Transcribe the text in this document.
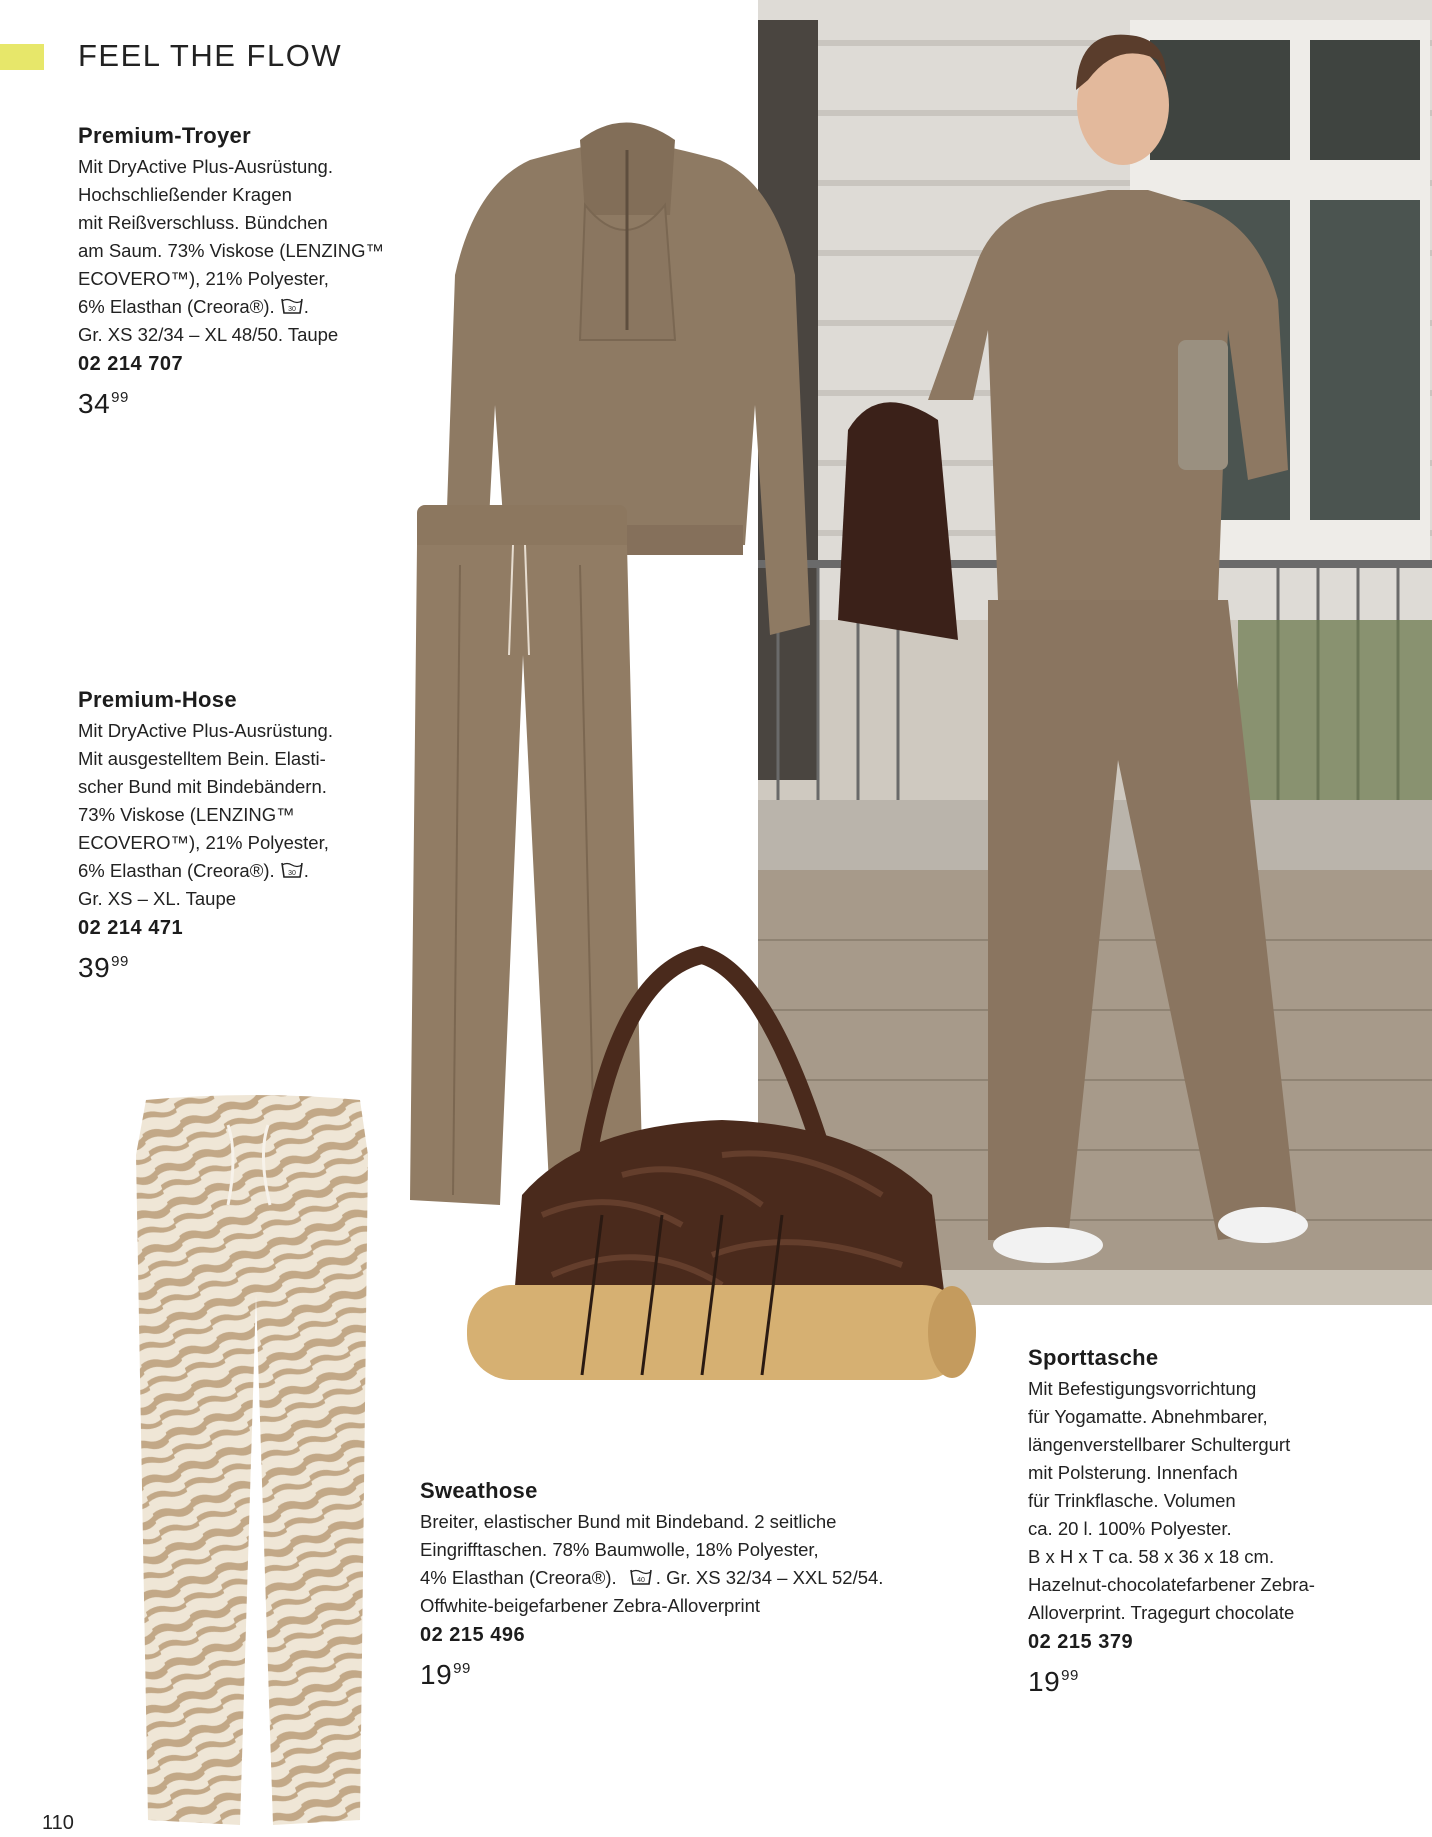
FEEL THE FLOW
Premium-Troyer

Mit DryActive Plus-Ausrüstung.
Hochschließender Kragen
mit Reißverschluss. Bündchen
am Saum. 73% Viskose (LENZING™
ECOVERO™), 21% Polyester,
6% Elasthan (Creora®). 30 .
Gr. XS 32/34 – XL 48/50. Taupe

02 214 707
$34^{99}$
Premium-Hose

Mit DryActive Plus-Ausrüstung.
Mit ausgestelltem Bein. Elasti-
scher Bund mit Bindebändern.
73% Viskose (LENZING™
ECOVERO™), 21% Polyester,
6% Elasthan (Creora®). 30 .
Gr. XS – XL. Taupe

02 214 471
$39^{99}$
Sweathose

Breiter, elastischer Bund mit Bindeband. 2 seitliche
Eingrifftaschen. 78% Baumwolle, 18% Polyester,
4% Elasthan (Creora®).	40 . Gr. XS 32/34 – XXL 52/54.
Offwhite-beigefarbener Zebra-Alloverprint

02 215 496
$19^{99}$
Sporttasche

Mit Befestigungsvorrichtung
für Yogamatte. Abnehmbarer,
längenverstellbarer Schultergurt
mit Polsterung. Innenfach
für Trinkflasche. Volumen
ca. 20 l. 100% Polyester.
B x H x T ca. 58 x 36 x 18 cm.
Hazelnut-chocolatefarbener Zebra-
Alloverprint. Tragegurt chocolate

02 215 379
$19^{99}$
110
